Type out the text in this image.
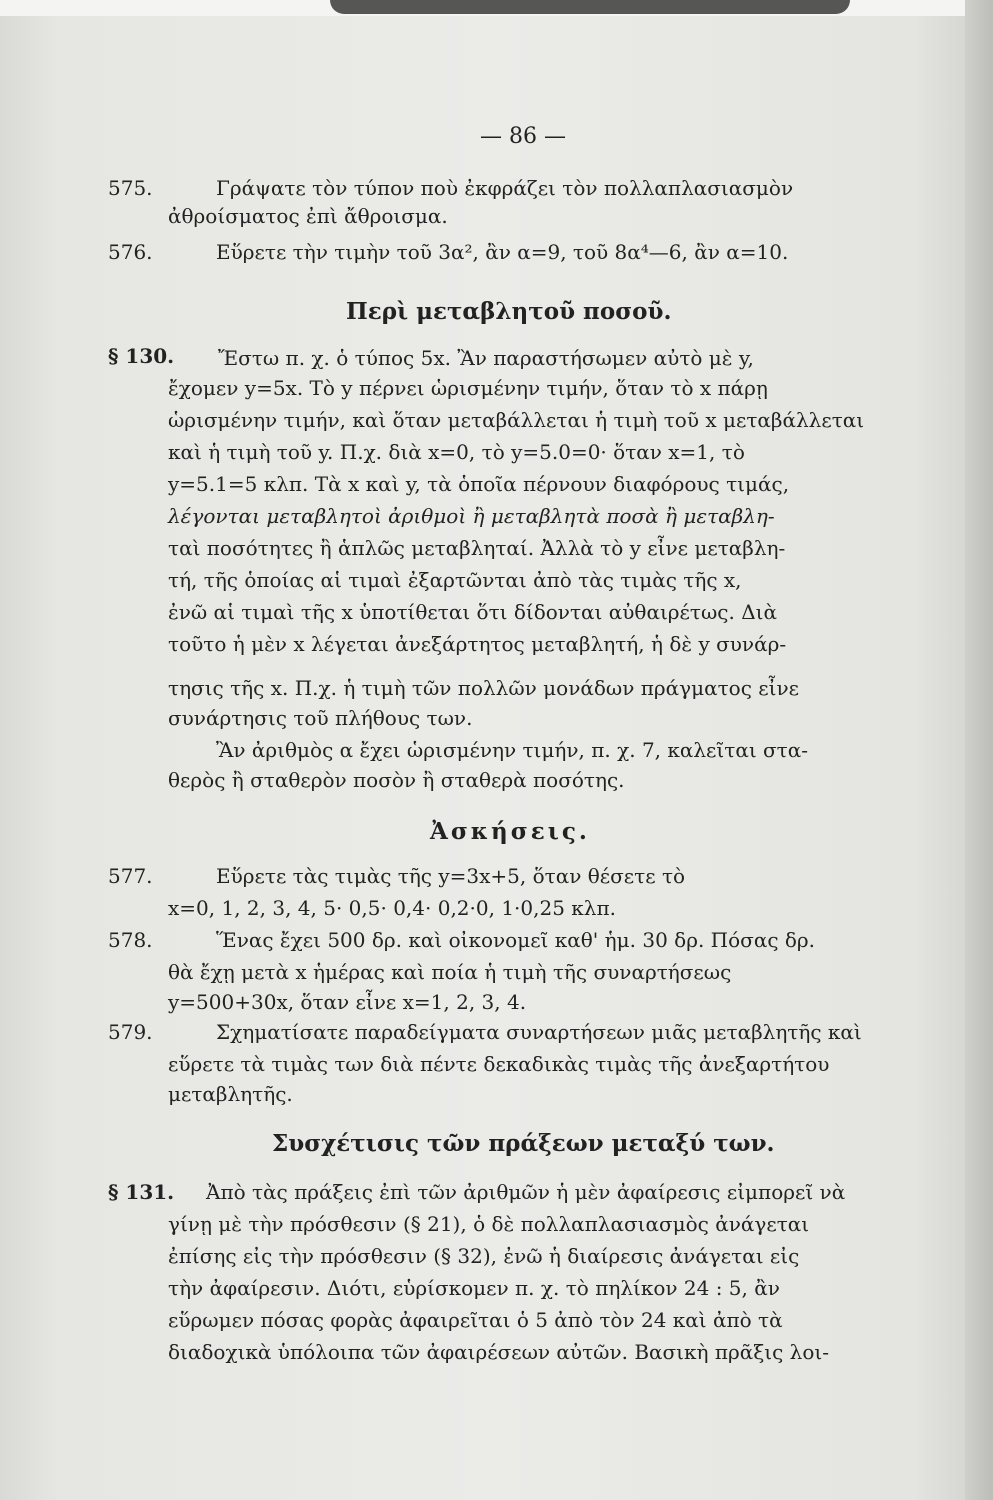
— 86 —
575.	Γράψατε τὸν τύπον ποὺ ἐκφράζει τὸν πολλαπλασιασμὸν
ἀθροίσματος ἐπὶ ἄθροισμα.
576.	Εὕρετε τὴν τιμὴν τοῦ 3α², ἂν α=9, τοῦ 8α⁴—6, ἂν α=10.
Περὶ μεταβλητοῦ ποσοῦ.
§ 130. Ἔστω π. χ. ὁ τύπος 5x. Ἂν παραστήσωμεν αὐτὸ μὲ y,
ἔχομεν y=5x. Τὸ y πέρνει ὡρισμένην τιμήν, ὅταν τὸ x πάρῃ
ὡρισμένην τιμήν, καὶ ὅταν μεταβάλλεται ἡ τιμὴ τοῦ x μεταβάλλεται
καὶ ἡ τιμὴ τοῦ y. Π.χ. διὰ x=0, τὸ y=5.0=0· ὅταν x=1, τὸ
y=5.1=5 κλπ. Τὰ x καὶ y, τὰ ὁποῖα πέρνουν διαφόρους τιμάς,
λέγονται μεταβλητοὶ ἀριθμοὶ ἢ μεταβλητὰ ποσὰ ἢ μεταβλη-
ταὶ ποσότητες ἢ ἁπλῶς μεταβληταί. Ἀλλὰ τὸ y εἶνε μεταβλη-
τή, τῆς ὁποίας αἱ τιμαὶ ἐξαρτῶνται ἀπὸ τὰς τιμὰς τῆς x,
ἐνῶ αἱ τιμαὶ τῆς x ὑποτίθεται ὅτι δίδονται αὐθαιρέτως. Διὰ
τοῦτο ἡ μὲν x λέγεται ἀνεξάρτητος μεταβλητή, ἡ δὲ y συνάρ-
τησις τῆς x. Π.χ. ἡ τιμὴ τῶν πολλῶν μονάδων πράγματος εἶνε
συνάρτησις τοῦ πλήθους των.
Ἂν ἀριθμὸς α ἔχει ὡρισμένην τιμήν, π. χ. 7, καλεῖται στα-
θερὸς ἢ σταθερὸν ποσὸν ἢ σταθερὰ ποσότης.
Ἀσκήσεις.
577.	Εὕρετε τὰς τιμὰς τῆς y=3x+5, ὅταν θέσετε τὸ
x=0, 1, 2, 3, 4, 5· 0,5· 0,4· 0,2·0, 1·0,25 κλπ.
578.	Ἕνας ἔχει 500 δρ. καὶ οἰκονομεῖ καθ' ἡμ. 30 δρ. Πόσας δρ.
θὰ ἔχῃ μετὰ x ἡμέρας καὶ ποία ἡ τιμὴ τῆς συναρτήσεως
y=500+30x, ὅταν εἶνε x=1, 2, 3, 4.
579.	Σχηματίσατε παραδείγματα συναρτήσεων μιᾶς μεταβλητῆς καὶ
εὕρετε τὰ τιμὰς των διὰ πέντε δεκαδικὰς τιμὰς τῆς ἀνεξαρτήτου
μεταβλητῆς.
Συσχέτισις τῶν πράξεων μεταξύ των.
§ 131. Ἀπὸ τὰς πράξεις ἐπὶ τῶν ἀριθμῶν ἡ μὲν ἀφαίρεσις εἰμπορεῖ νὰ
γίνῃ μὲ τὴν πρόσθεσιν (§ 21), ὁ δὲ πολλαπλασιασμὸς ἀνάγεται
ἐπίσης εἰς τὴν πρόσθεσιν (§ 32), ἐνῶ ἡ διαίρεσις ἀνάγεται εἰς
τὴν ἀφαίρεσιν. Διότι, εὑρίσκομεν π. χ. τὸ πηλίκον 24 : 5, ἂν
εὕρωμεν πόσας φορὰς ἀφαιρεῖται ὁ 5 ἀπὸ τὸν 24 καὶ ἀπὸ τὰ
διαδοχικὰ ὑπόλοιπα τῶν ἀφαιρέσεων αὐτῶν. Βασικὴ πρᾶξις λοι-
